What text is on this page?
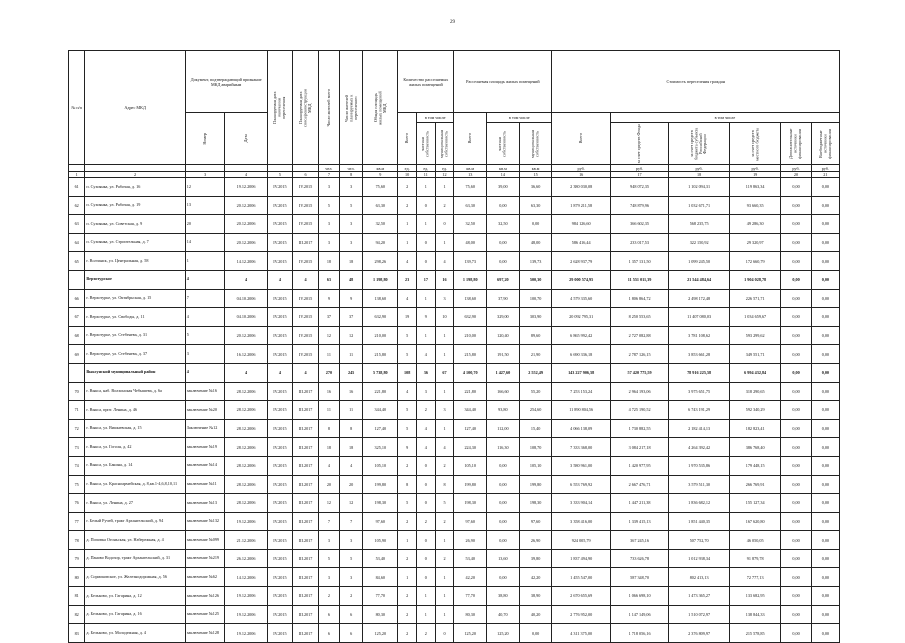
29
№ п/п	Адрес МКД	Документ, подтверждающий признание МКД аварийным		Планируемая дата окончания переселения	Планируемая дата сноса/реконструкции МКД	Число жителей всего	Число жителей планируемых к переселению	Общая площадь жилых помещений МКД	Количество расселяемых жилых помещений			Расселяемая площадь жилых помещений			Стоимость переселения граждан					

		Номер	Дата						Всего	в том числе		Всего	в том числе		Всего	в том числе				

										частная собственность	муниципальная собственность		частная собственность	муниципальная собственность		за счет средств Фонда	за счет средств бюджета субъекта Российской Федерации	за счет средств местного бюджета	Дополнительные источники финансирования	Внебюджетные источники финансирования

						чел.	чел.	кв.м	ед.	ед.	ед.	кв.м	кв.м	кв.м	руб.	руб.	руб.	руб.	руб.	руб.
1	2	3	4	5	6	7	8	9	10	11	12	13	14	15	16	17	18	19	20	21
61	п. Сухоянка, ул. Рабочая, д. 16	12	19.12.2006	IV.2015	IV.2015	3	3	75,60	2	1	1	75,60	39,00	36,60	2 380 030,08	948 072,35	1 102 094,31	119 863,34	0,00	0,00
62	п. Сухоянка, ул. Рабочая, д. 19	13	20.12.2006	IV.2015	IV.2015	5	5	63,30	2	0	2	63,30	0,00	63,30	1 879 211,58	748 879,96	1 032 671,71	93 660,35	0,00	0,00
63	п. Сухоянка, ул. Советская, д. 9	20	20.12.2006	IV.2015	IV.2015	3	3	32,50	1	1	0	32,50	32,50	0,00	984 126,60	366 602,35	568 235,75	49 286,30	0,00	0,00
64	п. Сухоянка, ул. Строительная, д. 7	14	20.12.2006	IV.2015	III.2017	3	3	94,20	1	0	1	48,00	0,00	48,00	586 416,44	233 017,53	322 150,92	29 320,97	0,00	0,00
65	г. Волчанск, ул. Центральная, д. 58	1	14.12.2006	IV.2015	IV.2015	18	18	298,26	4	0	4	139,73	0,00	139,73	2 628 937,79	1 357 131,50	1 099 245,50	172 660,79	0,00	0,00
	Верхотурское	4	4	4	4	63	48	1 198,80	23	17	16	1 198,80	697,20	500,30	29 000 574,95	11 551 011,39	21 544 484,64	1 904 028,78	0,00	0,00
66	г. Верхотурье, ул. Октябрьская, д. 15	7	04.10.2006	IV.2015	IV.2015	9	9	138,60	4	1	3	138,60	37,90	100,70	4 579 335,60	1 806 864,72	2 498 172,48	226 571,71	0,00	0,00
67	г. Верхотурье, ул. Свободы, д. 11	4	04.10.2006	IV.2015	IV.2015	37	37	632,90	19	9	10	632,90	329,00	303,90	20 092 795,31	8 250 553,65	11 407 080,03	1 034 659,67	0,00	0,00
68	г. Верхотурье, ул. Стебенева, д. 31	5	20.12.2006	IV.2015	IV.2015	12	12	210,00	5	1	1	210,00	120,40	89,60	6 865 992,42	2 727 082,88	3 781 108,62	593 299,62	0,00	0,00
69	г. Верхотурье, ул. Стебенева, д. 37	3	16.12.2006	IV.2015	IV.2015	11	11	215,80	5	4	1	215,80	191,50	21,90	6 690 336,18	2 787 126,15	3 853 661,28	349 551,71	0,00	0,00
	Выксунский муниципальный район	4	4	4	4	270	245	5 738,80	108	36	67	4 100,70	1 427,60	2 552,49	143 227 906,58	57 420 775,59	78 916 225,58	6 994 432,84	0,00	0,00
70	г. Выкса, наб. Волхонская Чебышева, д. 6а	заключение №16	28.12.2006	IV.2015	III.2017	16	16	221,80	4	3	1	221,80	166,60	55,20	7 253 153,24	2 964 193,06	3 975 651,75	318 290,65	0,00	0,00
71	г. Выкса, прпт. Ленина, д. 46	заключение №20	28.12.2006	IV.2015	III.2017	11	11	344,40	5	2	3	344,40	93,80	254,60	11 890 804,56	4 725 190,52	6 743 191,29	592 340,29	0,00	0,00
72	г. Выкса, ул. Вишневская, д. 15	Заключение №12	28.12.2006	IV.2015	III.2017	8	8	127,40	5	4	1	127,40	112,00	15,40	4 066 138,09	1 730 882,55	2 182 414,13	182 823,41	0,00	0,00
73	г. Выкса, ул. Гоголя, д. 42	заключение №19	28.12.2006	IV.2015	III.2017	18	18	325,10	9	4	4	224,30	116,30	108,70	7 333 368,00	3 084 217,18	4 264 392,42	386 768,40	0,00	0,00
74	г. Выкса, ул. Бакина, д. 14	заключение №14	28.12.2006	IV.2015	III.2017	4	4	105,10	2	0	2	105,10	0,00	105,10	3 580 961,00	1 420 977,95	1 970 535,86	179 448,15	0,00	0,00
75	г. Выкса, ул. Красноармейская, д. 8,кв.1-4,6,8,10,11	заключение №11	28.12.2006	IV.2015	III.2017	20	20	199,80	8	0	8	199,80	0,00	199,80	6 553 769,92	2 667 476,71	3 579 511,30	266 769,91	0,00	0,00
76	г. Выкса, ул. Ленина, д. 27	заключение №13	28.12.2006	IV.2015	III.2017	12	12	198,30	5	0	5	198,30	0,00	198,30	3 333 904,14	1 447 211,38	1 836 682,12	155 127,34	0,00	0,00
77	г. Белый Ручей, тракт Архангельский, д. 94	заключение №132	19.12.2006	IV.2015	III.2017	7	7	97,60	2	2	2	97,60	0,00	97,60	3 358 416,00	1 339 415,13	1 851 440,35	167 620,80	0,00	0,00
78	д. Поповка Огоньская, ул. Набережная, д. 4	заключение №099	21.12.2006	IV.2015	III.2017	3	3	105,90	1	0	1	26,90	0,00	26,90	924 005,79	367 245,16	507 752,70	46 050,05	0,00	0,00
79	д. Паново Водозор, тракт Архангельский, д. 31	заключение №219	26.12.2006	IV.2015	III.2017	5	5	53,40	2	0	2	53,40	13,60	39,80	1 837 494,90	733 626,78	1 012 938,34	91 879,78	0,00	0,00
80	д. Сормоковское, ул. Железнодорожная, д. 56	заключение №62	14.12.2006	IV.2015	III.2017	3	3	84,60	1	0	1	42,20	0,00	42,20	1 455 547,00	587 348,70	802 413,13	72 777,13	0,00	0,00
81	д. Бельково, ул. Гагарина, д. 12	заключение №126	19.12.2006	IV.2015	III.2017	2	2	77,70	2	1	1	77,70	38,80	38,90	2 670 655,69	1 066 698,10	1 473 365,27	133 682,95	0,00	0,00
82	д. Бельково, ул. Гагарина, д. 16	заключение №125	19.12.2006	IV.2015	III.2017	6	6	80,30	2	1	1	80,30	40,70	40,20	2 776 952,00	1 147 149,06	1 510 072,97	138 844,33	0,00	0,00
83	д. Бельково, ул. Молодежная, д. 4	заключение №128	19.12.2006	IV.2015	III.2017	6	6	125,20	2	2	0	125,20	125,20	0,00	4 311 375,00	1 718 056,16	2 376 809,97	215 578,85	0,00	0,00
